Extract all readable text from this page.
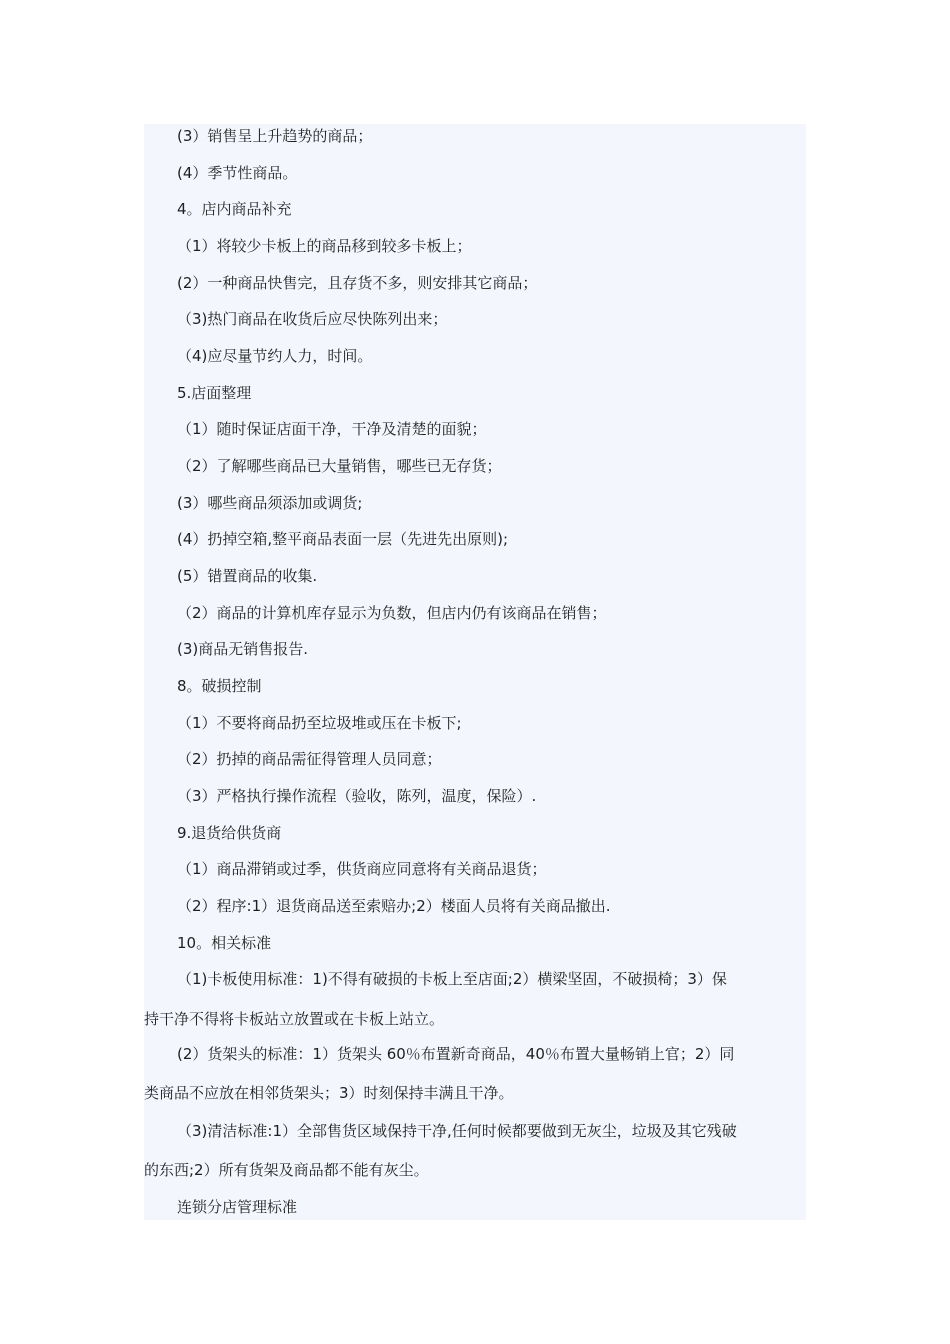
(3）销售呈上升趋势的商品；
(4）季节性商品。
4。店内商品补充
（1）将较少卡板上的商品移到较多卡板上；
(2）一种商品快售完，且存货不多，则安排其它商品；
（3)热门商品在收货后应尽快陈列出来；
（4)应尽量节约人力，时间。
5.店面整理
（1）随时保证店面干净，干净及清楚的面貌；
（2）了解哪些商品已大量销售，哪些已无存货；
(3）哪些商品须添加或调货;
(4）扔掉空箱,整平商品表面一层（先进先出原则);
(5）错置商品的收集.
（2）商品的计算机库存显示为负数，但店内仍有该商品在销售；
(3)商品无销售报告.
8。破损控制
（1）不要将商品扔至垃圾堆或压在卡板下;
（2）扔掉的商品需征得管理人员同意；
（3）严格执行操作流程（验收，陈列，温度，保险）.
9.退货给供货商
（1）商品滞销或过季，供货商应同意将有关商品退货；
（2）程序:1）退货商品送至索赔办;2）楼面人员将有关商品撤出.
10。相关标准
（1)卡板使用标准：1)不得有破损的卡板上至店面;2）横梁坚固，不破损椅；3）保
持干净不得将卡板站立放置或在卡板上站立。
(2）货架头的标准：1）货架头 60％布置新奇商品，40％布置大量畅销上官；2）同
类商品不应放在相邻货架头；3）时刻保持丰满且干净。
（3)清洁标准:1）全部售货区域保持干净,任何时候都要做到无灰尘，垃圾及其它残破
的东西;2）所有货架及商品都不能有灰尘。
连锁分店管理标准
